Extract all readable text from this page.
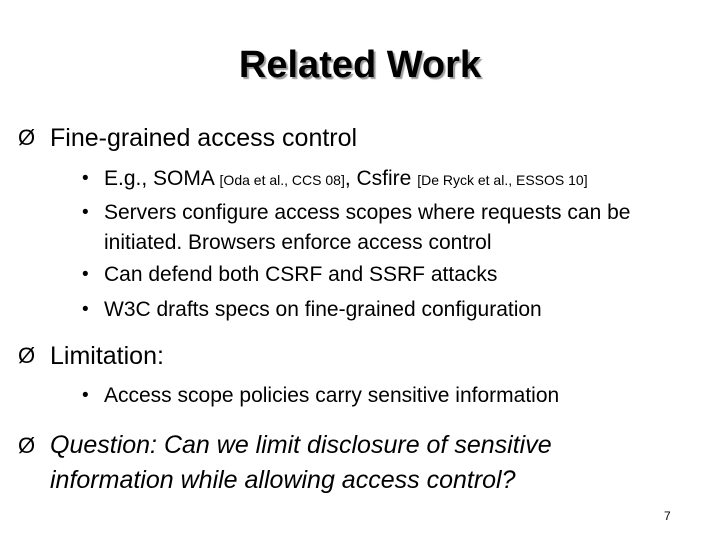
Related Work
Ø Fine-grained access control
• E.g., SOMA [Oda et al., CCS 08], Csfire [De Ryck et al., ESSOS 10]
• Servers configure access scopes where requests can be initiated. Browsers enforce access control
• Can defend both CSRF and SSRF attacks
• W3C drafts specs on fine-grained configuration
Ø Limitation:
• Access scope policies carry sensitive information
Ø Question: Can we limit disclosure of sensitive information while allowing access control?
7
